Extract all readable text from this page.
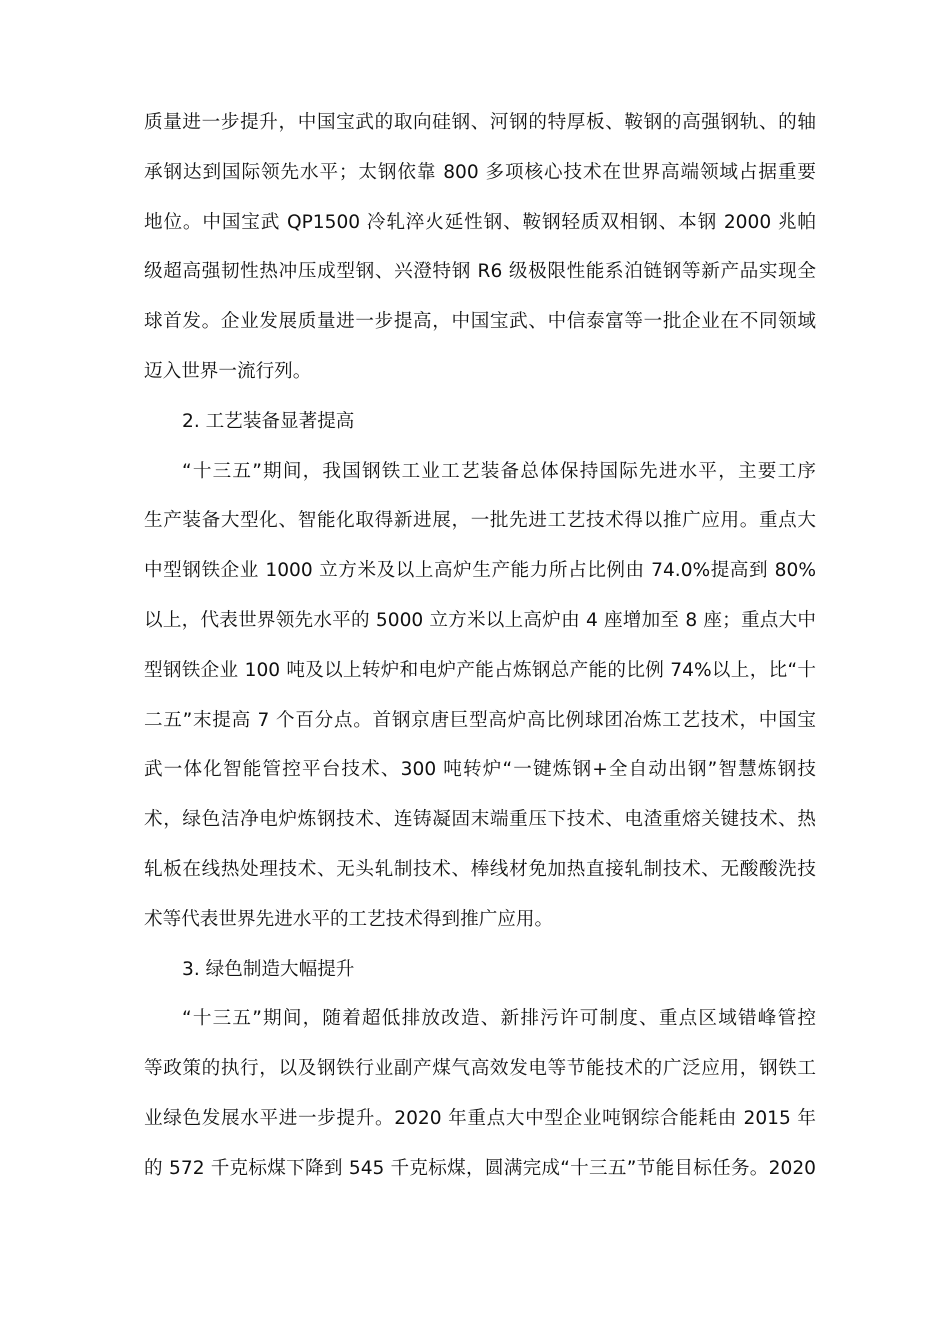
质量进一步提升，中国宝武的取向硅钢、河钢的特厚板、鞍钢的高强钢轨、的轴
承钢达到国际领先水平；太钢依靠 800 多项核心技术在世界高端领域占据重要
地位。中国宝武 QP1500 冷轧淬火延性钢、鞍钢轻质双相钢、本钢 2000 兆帕
级超高强韧性热冲压成型钢、兴澄特钢 R6 级极限性能系泊链钢等新产品实现全
球首发。企业发展质量进一步提高，中国宝武、中信泰富等一批企业在不同领域
迈入世界一流行列。
2. 工艺装备显著提高
“十三五”期间，我国钢铁工业工艺装备总体保持国际先进水平，主要工序
生产装备大型化、智能化取得新进展，一批先进工艺技术得以推广应用。重点大
中型钢铁企业 1000 立方米及以上高炉生产能力所占比例由 74.0%提高到 80%
以上，代表世界领先水平的 5000 立方米以上高炉由 4 座增加至 8 座；重点大中
型钢铁企业 100 吨及以上转炉和电炉产能占炼钢总产能的比例 74%以上，比“十
二五”末提高 7 个百分点。首钢京唐巨型高炉高比例球团冶炼工艺技术，中国宝
武一体化智能管控平台技术、300 吨转炉“一键炼钢+全自动出钢”智慧炼钢技
术，绿色洁净电炉炼钢技术、连铸凝固末端重压下技术、电渣重熔关键技术、热
轧板在线热处理技术、无头轧制技术、棒线材免加热直接轧制技术、无酸酸洗技
术等代表世界先进水平的工艺技术得到推广应用。
3. 绿色制造大幅提升
“十三五”期间，随着超低排放改造、新排污许可制度、重点区域错峰管控
等政策的执行，以及钢铁行业副产煤气高效发电等节能技术的广泛应用，钢铁工
业绿色发展水平进一步提升。2020 年重点大中型企业吨钢综合能耗由 2015 年
的 572 千克标煤下降到 545 千克标煤，圆满完成“十三五”节能目标任务。2020
